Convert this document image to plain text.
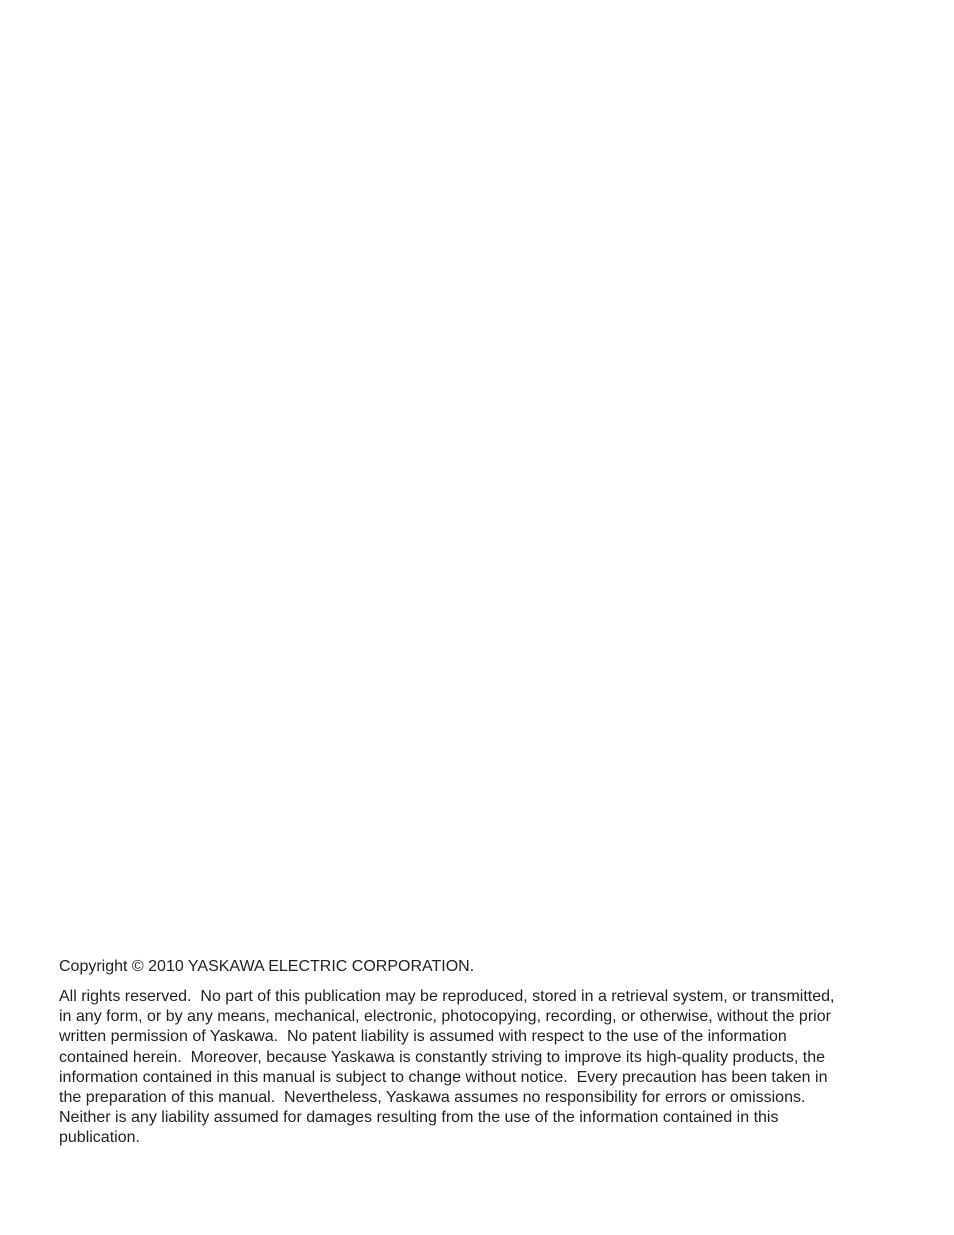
Copyright © 2010 YASKAWA ELECTRIC CORPORATION.

All rights reserved.  No part of this publication may be reproduced, stored in a retrieval system, or transmitted,
in any form, or by any means, mechanical, electronic, photocopying, recording, or otherwise, without the prior
written permission of Yaskawa.  No patent liability is assumed with respect to the use of the information
contained herein.  Moreover, because Yaskawa is constantly striving to improve its high-quality products, the
information contained in this manual is subject to change without notice.  Every precaution has been taken in
the preparation of this manual.  Nevertheless, Yaskawa assumes no responsibility for errors or omissions.
Neither is any liability assumed for damages resulting from the use of the information contained in this
publication.
